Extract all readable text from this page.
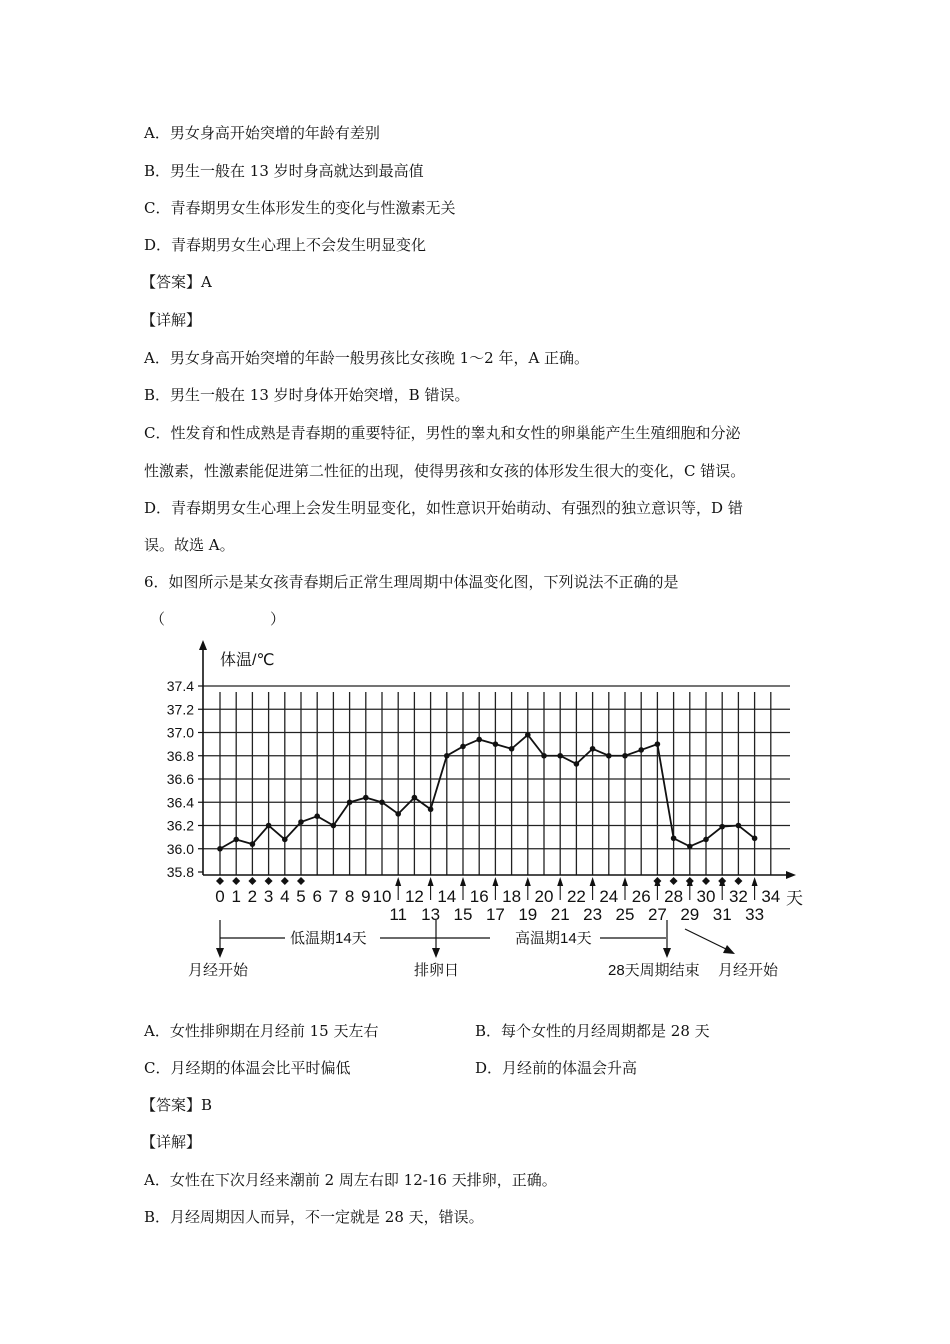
A．男女身高开始突增的年龄有差别
B．男生一般在 13 岁时身高就达到最高值
C．青春期男女生体形发生的变化与性激素无关
D．青春期男女生心理上不会发生明显变化
【答案】A
【详解】
A．男女身高开始突增的年龄一般男孩比女孩晚 1～2 年，A 正确。
B．男生一般在 13 岁时身体开始突增，B 错误。
C．性发育和性成熟是青春期的重要特征，男性的睾丸和女性的卵巢能产生生殖细胞和分泌
性激素，性激素能促进第二性征的出现，使得男孩和女孩的体形发生很大的变化，C 错误。
D．青春期男女生心理上会发生明显变化，如性意识开始萌动、有强烈的独立意识等，D 错
误。故选 A。
6．如图所示是某女孩青春期后正常生理周期中体温变化图，下列说法不正确的是
（　　　　　　　）
体温/℃
天
37.4
37.2
37.0
36.8
36.6
36.4
36.2
36.0
35.8
0 1 2 3 4 5 6 7 8 9 10
11
12
13
14
15
16
17
18
19
20
21
22
23
24
25
26
27
28
29
30
31
32
33
34
低温期14天	高温期14天
月经开始	排卵日	28天周期结束 月经开始
A．女性排卵期在月经前 15 天左右	B．每个女性的月经周期都是 28 天
C．月经期的体温会比平时偏低	D．月经前的体温会升高
【答案】B
【详解】
A．女性在下次月经来潮前 2 周左右即 12-16 天排卵，正确。
B．月经周期因人而异，不一定就是 28 天，错误。
